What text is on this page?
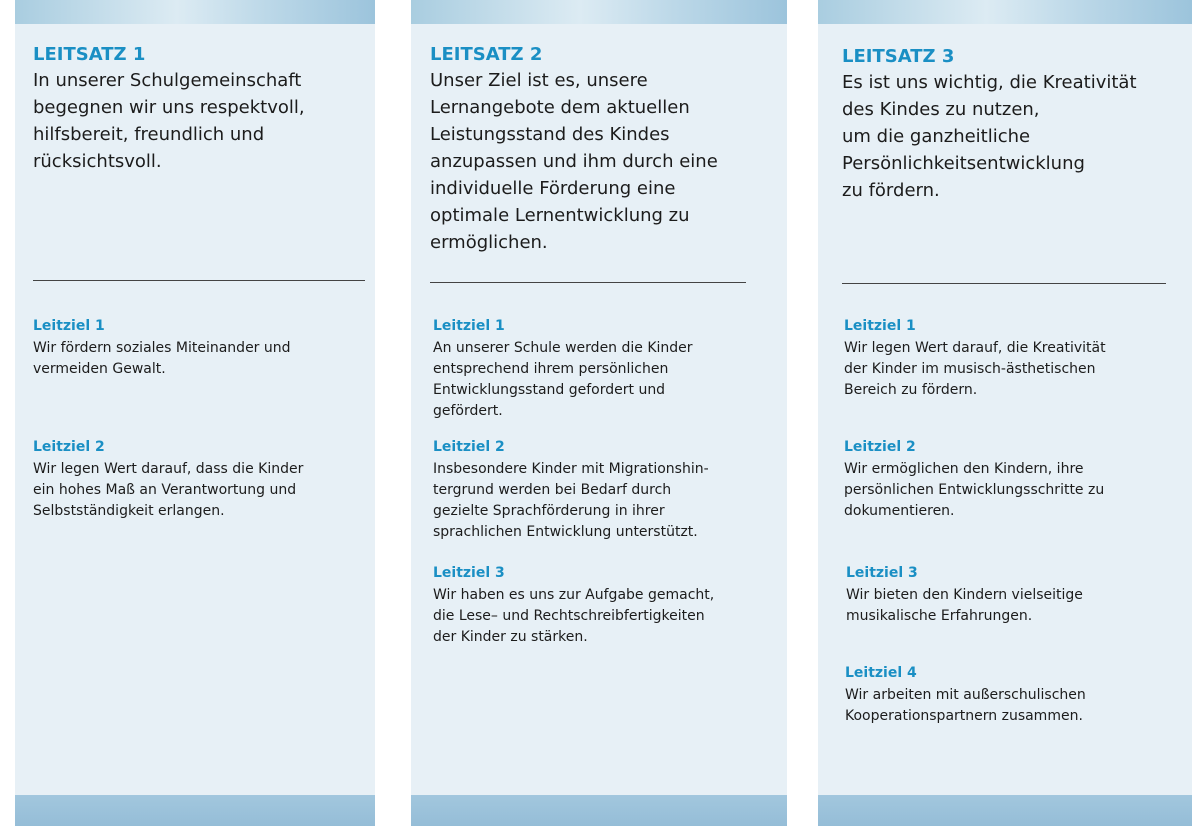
LEITSATZ 1
In unserer Schulgemeinschaft
begegnen wir uns respektvoll,
hilfsbereit, freundlich und
rücksichtsvoll.
Leitziel 1
Wir fördern soziales Miteinander und
vermeiden Gewalt.
Leitziel 2
Wir legen Wert darauf, dass die Kinder
ein hohes Maß an Verantwortung und
Selbstständigkeit erlangen.
LEITSATZ 2
Unser Ziel ist es, unsere
Lernangebote dem aktuellen
Leistungsstand des Kindes
anzupassen und ihm durch eine
individuelle Förderung eine
optimale Lernentwicklung zu
ermöglichen.
Leitziel 1
An unserer Schule werden die Kinder
entsprechend ihrem persönlichen
Entwicklungsstand gefordert und
gefördert.
Leitziel 2
Insbesondere Kinder mit Migrationshin-
tergrund werden bei Bedarf durch
gezielte Sprachförderung in ihrer
sprachlichen Entwicklung unterstützt.
Leitziel 3
Wir haben es uns zur Aufgabe gemacht,
die Lese– und Rechtschreibfertigkeiten
der Kinder zu stärken.
LEITSATZ 3
Es ist uns wichtig, die Kreativität
des Kindes zu nutzen,
um die ganzheitliche
Persönlichkeitsentwicklung
zu fördern.
Leitziel 1
Wir legen Wert darauf, die Kreativität
der Kinder im musisch-ästhetischen
Bereich zu fördern.
Leitziel 2
Wir ermöglichen den Kindern, ihre
persönlichen Entwicklungsschritte zu
dokumentieren.
Leitziel 3
Wir bieten den Kindern vielseitige
musikalische Erfahrungen.
Leitziel 4
Wir arbeiten mit außerschulischen
Kooperationspartnern zusammen.
